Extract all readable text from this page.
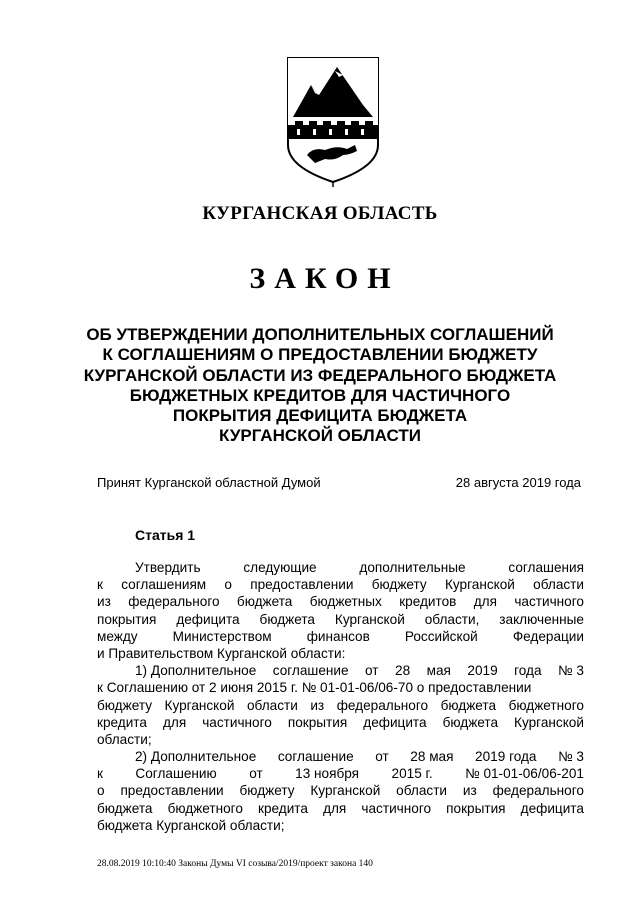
КУРГАНСКАЯ ОБЛАСТЬ
ЗАКОН
ОБ УТВЕРЖДЕНИИ ДОПОЛНИТЕЛЬНЫХ СОГЛАШЕНИЙ
К СОГЛАШЕНИЯМ О ПРЕДОСТАВЛЕНИИ БЮДЖЕТУ
КУРГАНСКОЙ ОБЛАСТИ ИЗ ФЕДЕРАЛЬНОГО БЮДЖЕТА
БЮДЖЕТНЫХ КРЕДИТОВ ДЛЯ ЧАСТИЧНОГО
ПОКРЫТИЯ ДЕФИЦИТА БЮДЖЕТА
КУРГАНСКОЙ ОБЛАСТИ
Принят Курганской областной Думой	28 августа 2019 года
Статья 1
Утвердить	следующие	дополнительные	соглашения
к соглашениям о предоставлении бюджету Курганской области
из федерального бюджета бюджетных кредитов для частичного
покрытия дефицита бюджета Курганской области, заключенные
между	Министерством	финансов	Российской	Федерации
и Правительством Курганской области:
1) Дополнительное соглашение от 28 мая 2019 года № 3
к Соглашению от 2 июня 2015 г. № 01-01-06/06-70 о предоставлении
бюджету Курганской области из федерального бюджета бюджетного
кредита для частичного покрытия дефицита бюджета Курганской
области;
2) Дополнительное соглашение от 28 мая 2019 года № 3
к Соглашению от 13 ноября 2015 г. № 01-01-06/06-201
о предоставлении бюджету Курганской области из федерального
бюджета бюджетного кредита для частичного покрытия дефицита
бюджета Курганской области;
28.08.2019 10:10:40 Законы Думы VI созыва/2019/проект закона 140
